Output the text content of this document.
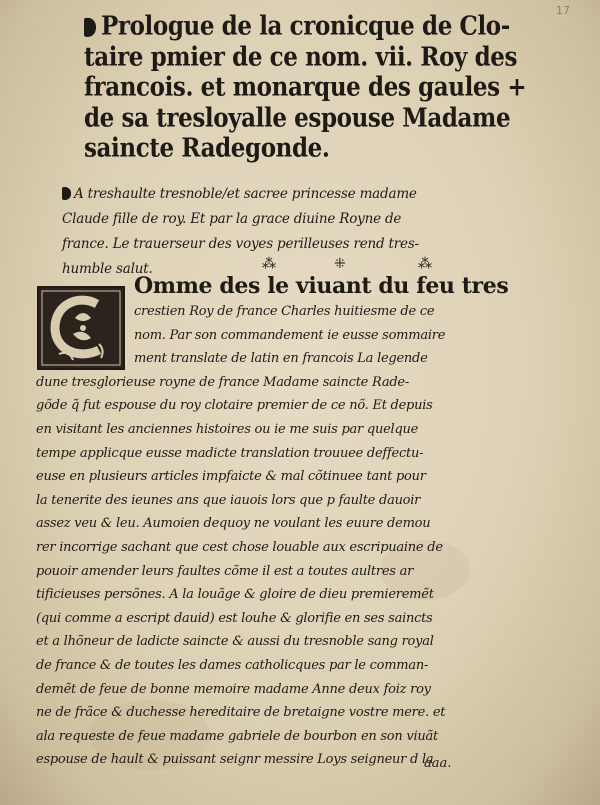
17
Prologue de la cronicque de Clo-
taire pmier de ce nom. vii. Roy des
francois. et monarque des gaules +
de sa tresloyalle espouse Madame
saincte Radegonde.
A treshaulte tresnoble/et sacree princesse madame
Claude fille de roy. Et par la grace diuine Royne de
france. Le trauerseur des voyes perilleuses rend tres-
humble salut.	⁂	⁜	⁂
Omme des le viuant du feu tres
crestien Roy de france Charles huitiesme de ce
nom. Par son commandement ie eusse sommaire
ment translate de latin en francois La legende
dune tresglorieuse royne de france Madame saincte Rade-
gõde q̃ fut espouse du roy clotaire premier de ce nõ. Et depuis
en visitant les anciennes histoires ou ie me suis par quelque
tempe applicque eusse madicte translation trouuee deffectu-
euse en plusieurs articles impfaicte & mal cõtinuee tant pour
la tenerite des ieunes ans que iauois lors que p faulte dauoir
assez veu & leu. Aumoien dequoy ne voulant les euure demou
rer incorrige sachant que cest chose louable aux escripuaine de
pouoir amender leurs faultes cõme il est a toutes aultres ar
tificieuses persõnes. A la louãge & gloire de dieu premieremẽt
(qui comme a escript dauid) est louhe & glorifie en ses saincts
et a lhõneur de ladicte saincte & aussi du tresnoble sang royal
de france & de toutes les dames catholicques par le comman-
demẽt de feue de bonne memoire madame Anne deux foiz roy
ne de frãce & duchesse hereditaire de bretaigne vostre mere. et
ala requeste de feue madame gabriele de bourbon en son viuãt
espouse de hault & puissant seignr messire Loys seigneur d la
aaa.
